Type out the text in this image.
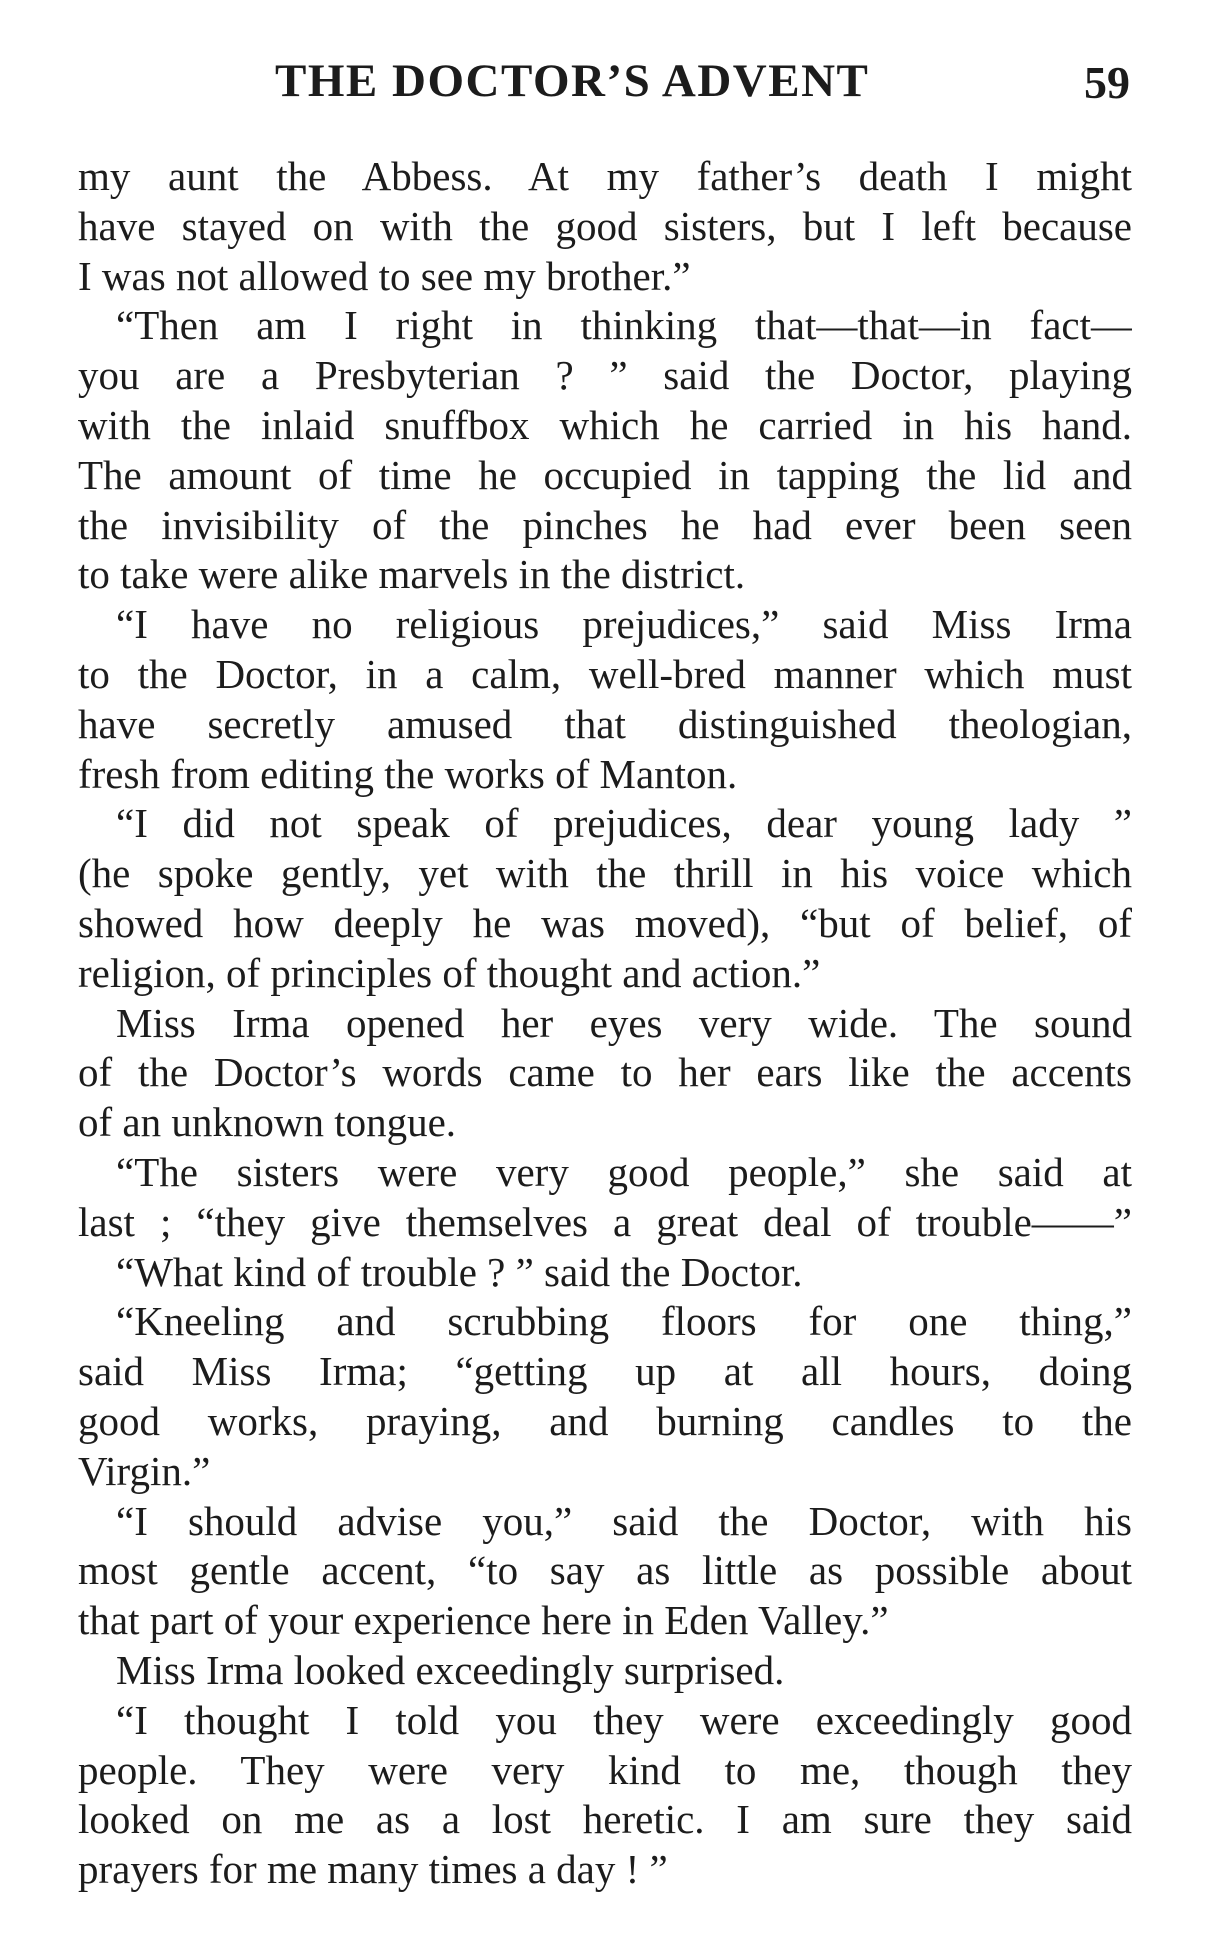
THE DOCTOR’S ADVENT	59
my aunt the Abbess. At my father’s death I might
have stayed on with the good sisters, but I left because
I was not allowed to see my brother.”
“Then am I right in thinking that—that—in fact—
you are a Presbyterian ? ” said the Doctor, playing
with the inlaid snuffbox which he carried in his hand.
The amount of time he occupied in tapping the lid and
the invisibility of the pinches he had ever been seen
to take were alike marvels in the district.
“I have no religious prejudices,” said Miss Irma
to the Doctor, in a calm, well-bred manner which must
have secretly amused that distinguished theologian,
fresh from editing the works of Manton.
“I did not speak of prejudices, dear young lady ”
(he spoke gently, yet with the thrill in his voice which
showed how deeply he was moved), “but of belief, of
religion, of principles of thought and action.”
Miss Irma opened her eyes very wide. The sound
of the Doctor’s words came to her ears like the accents
of an unknown tongue.
“The sisters were very good people,” she said at
last ; “they give themselves a great deal of trouble——”
“What kind of trouble ? ” said the Doctor.
“Kneeling and scrubbing floors for one thing,”
said Miss Irma; “getting up at all hours, doing
good works, praying, and burning candles to the
Virgin.”
“I should advise you,” said the Doctor, with his
most gentle accent, “to say as little as possible about
that part of your experience here in Eden Valley.”
Miss Irma looked exceedingly surprised.
“I thought I told you they were exceedingly good
people. They were very kind to me, though they
looked on me as a lost heretic. I am sure they said
prayers for me many times a day ! ”
